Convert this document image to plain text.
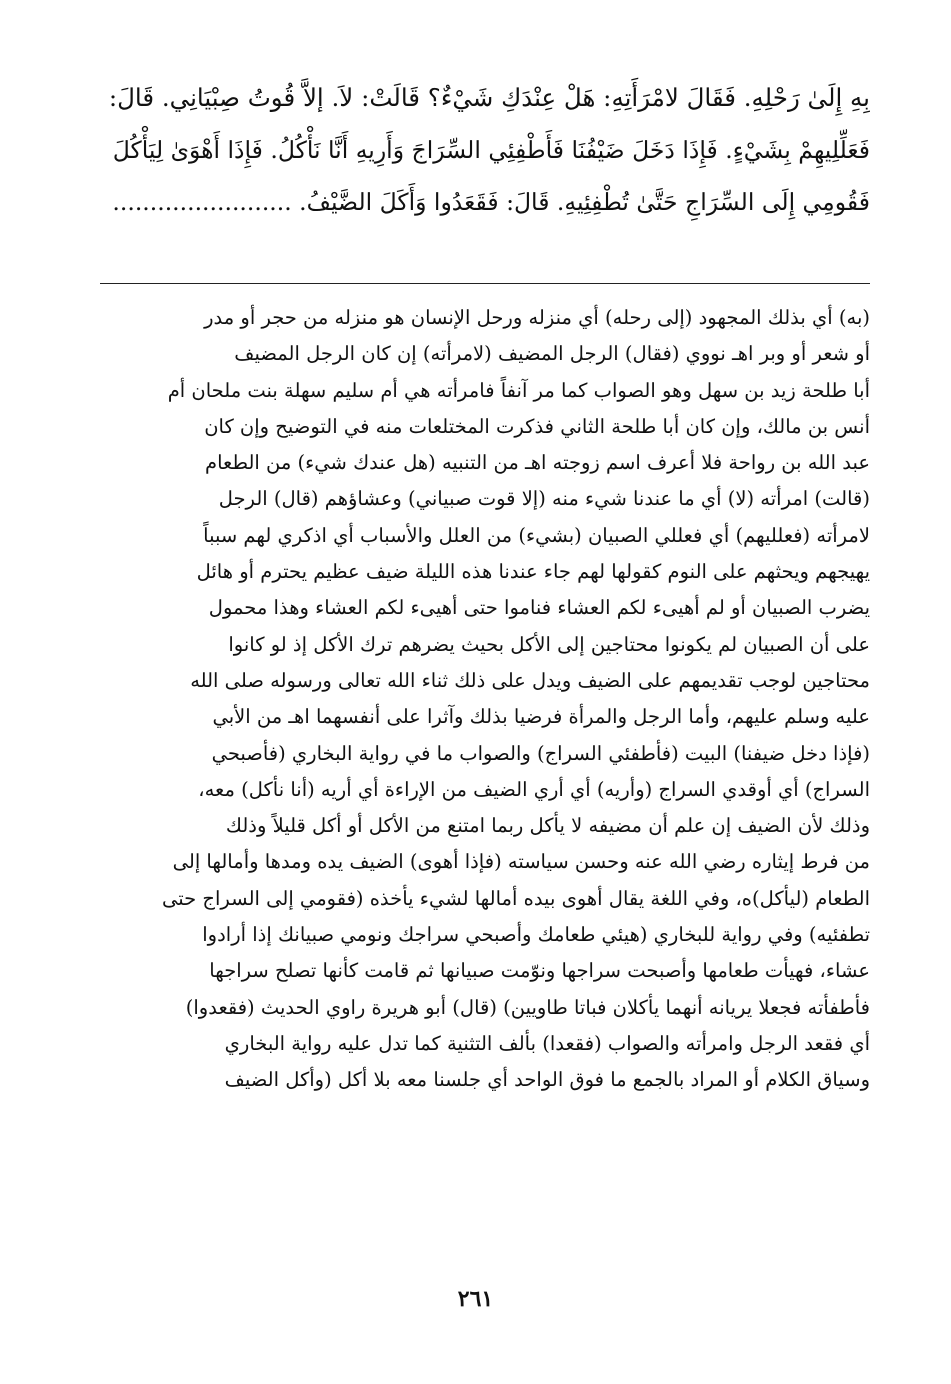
بِهِ إِلَىٰ رَحْلِهِ. فَقَالَ لامْرَأَتِهِ: هَلْ عِنْدَكِ شَيْءٌ؟ قَالَتْ: لاَ. إلاَّ قُوتُ صِبْيَانِي. قَالَ:
فَعَلِّلِيهِمْ بِشَيْءٍ. فَإِذَا دَخَلَ ضَيْفُنَا فَأَطْفِئِي السِّرَاجَ وَأَرِيهِ أَنَّا نَأْكُلُ. فَإِذَا أَهْوَىٰ لِيَأْكُلَ
فَقُومِي إِلَى السِّرَاجِ حَتَّىٰ تُطْفِئِيهِ. قَالَ: فَقَعَدُوا وَأَكَلَ الضَّيْفُ. ........................
(به) أي بذلك المجهود (إلى رحله) أي منزله ورحل الإنسان هو منزله من حجر أو مدر
أو شعر أو وبر اهـ نووي (فقال) الرجل المضيف (لامرأته) إن كان الرجل المضيف
أبا طلحة زيد بن سهل وهو الصواب كما مر آنفاً فامرأته هي أم سليم سهلة بنت ملحان أم
أنس بن مالك، وإن كان أبا طلحة الثاني فذكرت المختلعات منه في التوضيح وإن كان
عبد الله بن رواحة فلا أعرف اسم زوجته اهـ من التنبيه (هل عندك شيء) من الطعام
(قالت) امرأته (لا) أي ما عندنا شيء منه (إلا قوت صبياني) وعشاؤهم (قال) الرجل
لامرأته (فعلليهم) أي فعللي الصبيان (بشيء) من العلل والأسباب أي اذكري لهم سبباً
يهيجهم ويحثهم على النوم كقولها لهم جاء عندنا هذه الليلة ضيف عظيم يحترم أو هائل
يضرب الصبيان أو لم أهيىء لكم العشاء فناموا حتى أهيىء لكم العشاء وهذا محمول
على أن الصبيان لم يكونوا محتاجين إلى الأكل بحيث يضرهم ترك الأكل إذ لو كانوا
محتاجين لوجب تقديمهم على الضيف ويدل على ذلك ثناء الله تعالى ورسوله صلى الله
عليه وسلم عليهم، وأما الرجل والمرأة فرضيا بذلك وآثرا على أنفسهما اهـ من الأبي
(فإذا دخل ضيفنا) البيت (فأطفئي السراج) والصواب ما في رواية البخاري (فأصبحي
السراج) أي أوقدي السراج (وأريه) أي أري الضيف من الإراءة أي أريه (أنا نأكل) معه،
وذلك لأن الضيف إن علم أن مضيفه لا يأكل ربما امتنع من الأكل أو أكل قليلاً وذلك
من فرط إيثاره رضي الله عنه وحسن سياسته (فإذا أهوى) الضيف يده ومدها وأمالها إلى
الطعام (ليأكل)ه، وفي اللغة يقال أهوى بيده أمالها لشيء يأخذه (فقومي إلى السراج حتى
تطفئيه) وفي رواية للبخاري (هيئي طعامك وأصبحي سراجك ونومي صبيانك إذا أرادوا
عشاء، فهيأت طعامها وأصبحت سراجها ونوّمت صبيانها ثم قامت كأنها تصلح سراجها
فأطفأته فجعلا يريانه أنهما يأكلان فباتا طاويين) (قال) أبو هريرة راوي الحديث (فقعدوا)
أي فقعد الرجل وامرأته والصواب (فقعدا) بألف التثنية كما تدل عليه رواية البخاري
وسياق الكلام أو المراد بالجمع ما فوق الواحد أي جلسنا معه بلا أكل (وأكل الضيف
٢٦١
